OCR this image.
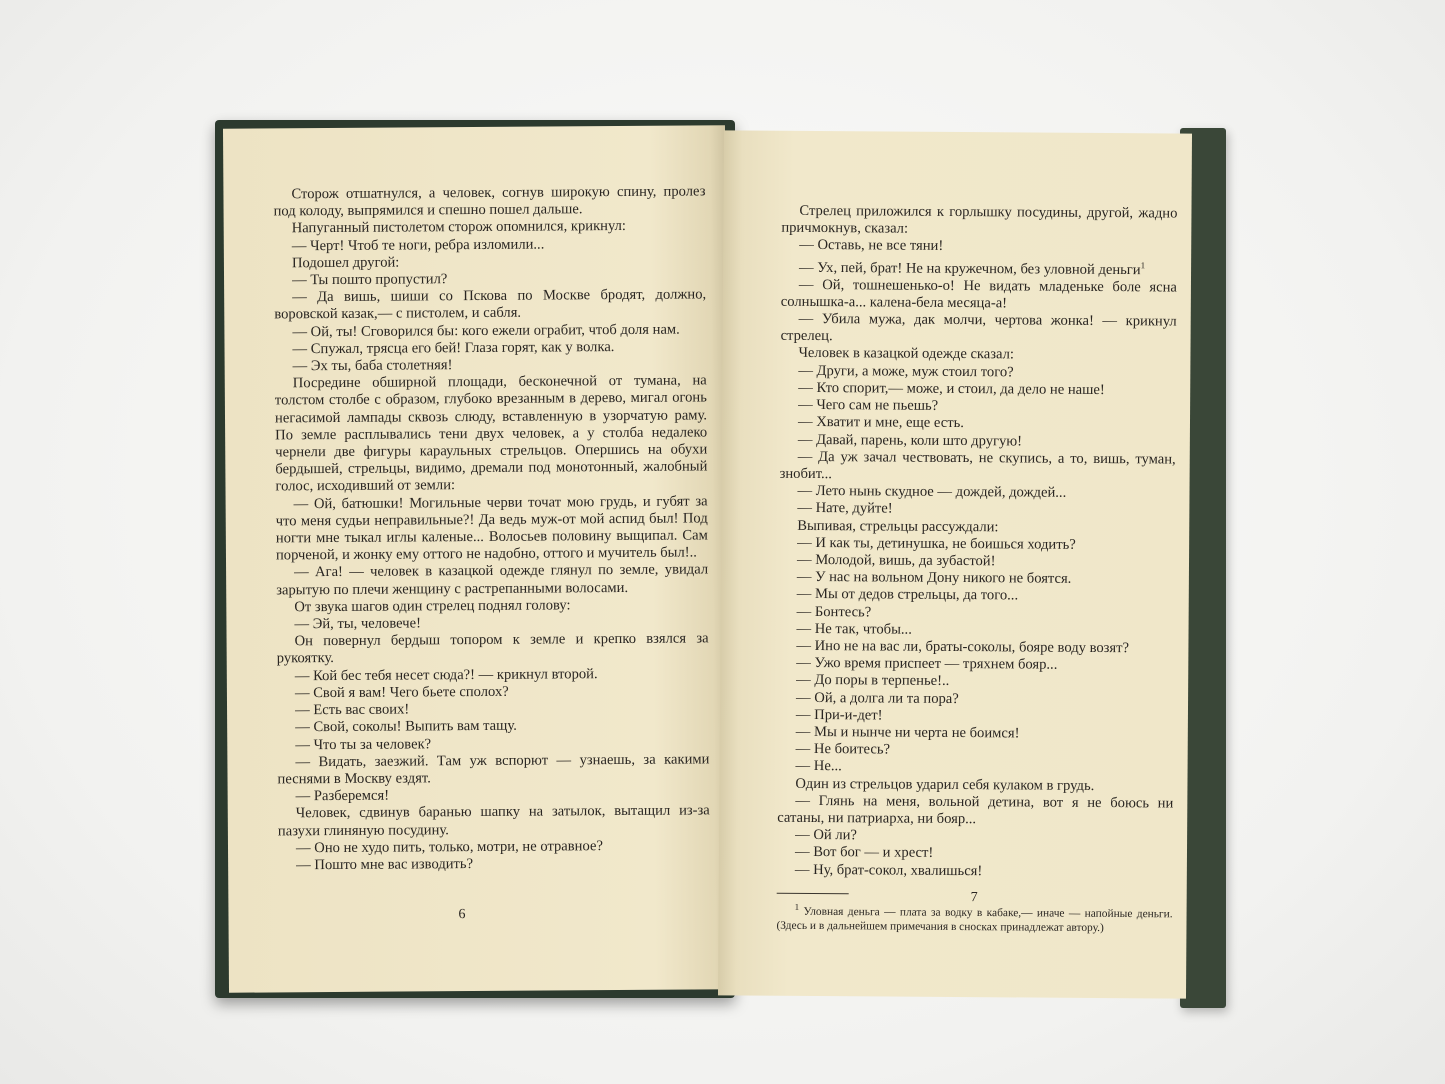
Сторож отшатнулся, а человек, согнув широкую спину, пролез под колоду, выпрямился и спешно пошел дальше.

Напуганный пистолетом сторож опомнился, крикнул:

— Черт! Чтоб те ноги, ребра изломили...

Подошел другой:

— Ты пошто пропустил?

— Да вишь, шиши со Пскова по Москве бродят, должно, воровской казак,— с пистолем, и сабля.

— Ой, ты! Сговорился бы: кого ежели ограбит, чтоб доля нам.

— Спужал, трясца его бей! Глаза горят, как у волка.

— Эх ты, баба столетняя!

Посредине обширной площади, бесконечной от тумана, на толстом столбе с образом, глубоко врезанным в дерево, мигал огонь негасимой лампады сквозь слюду, вставленную в узорчатую раму. По земле расплывались тени двух человек, а у столба недалеко чернели две фигуры караульных стрельцов. Опершись на обухи бердышей, стрельцы, видимо, дремали под монотонный, жалобный голос, исходивший от земли:

— Ой, батюшки! Могильные черви точат мою грудь, и губят за что меня судьи неправильные?! Да ведь муж-от мой аспид был! Под ногти мне тыкал иглы каленые... Волосьев половину выщипал. Сам порченой, и жонку ему оттого не надобно, оттого и мучитель был!..

— Ага! — человек в казацкой одежде глянул по земле, увидал зарытую по плечи женщину с растрепанными волосами.

От звука шагов один стрелец поднял голову:

— Эй, ты, человече!

Он повернул бердыш топором к земле и крепко взялся за рукоятку.

— Кой бес тебя несет сюда?! — крикнул второй.

— Свой я вам! Чего бьете сполох?

— Есть вас своих!

— Свой, соколы! Выпить вам тащу.

— Что ты за человек?

— Видать, заезжий. Там уж вспорют — узнаешь, за какими песнями в Москву ездят.

— Разберемся!

Человек, сдвинув баранью шапку на затылок, вытащил из-за пазухи глиняную посудину.

— Оно не худо пить, только, мотри, не отравное?

— Пошто мне вас изводить?

6

Стрелец приложился к горлышку посудины, другой, жадно причмокнув, сказал:

— Оставь, не все тяни!

— Ух, пей, брат! Не на кружечном, без уловной деньги$^1$

— Ой, тошнешенько-о! Не видать младеньке боле ясна солнышка-а... калена-бела месяца-а!

— Убила мужа, дак молчи, чертова жонка! — крикнул стрелец.

Человек в казацкой одежде сказал:

— Други, а може, муж стоил того?

— Кто спорит,— може, и стоил, да дело не наше!

— Чего сам не пьешь?

— Хватит и мне, еще есть.

— Давай, парень, коли што другую!

— Да уж зачал чествовать, не скупись, а то, вишь, туман, знобит...

— Лето нынь скудное — дождей, дождей...

— Нате, дуйте!

Выпивая, стрельцы рассуждали:

— И как ты, детинушка, не боишься ходить?

— Молодой, вишь, да зубастой!

— У нас на вольном Дону никого не боятся.

— Мы от дедов стрельцы, да того...

— Бонтесь?

— Не так, чтобы...

— Ино не на вас ли, браты-соколы, бояре воду возят?

— Ужо время приспеет — тряхнем бояр...

— До поры в терпенье!..

— Ой, а долга ли та пора?

— При-и-дет!

— Мы и нынче ни черта не боимся!

— Не боитесь?

— Не...

Один из стрельцов ударил себя кулаком в грудь.

— Глянь на меня, вольной детина, вот я не боюсь ни сатаны, ни патриарха, ни бояр...

— Ой ли?

— Вот бог — и хрест!

— Ну, брат-сокол, хвалишься!

$^1$ Уловная деньга — плата за водку в кабаке,— иначе — напойные деньги. (Здесь и в дальнейшем примечания в сносках принадлежат автору.)
7
